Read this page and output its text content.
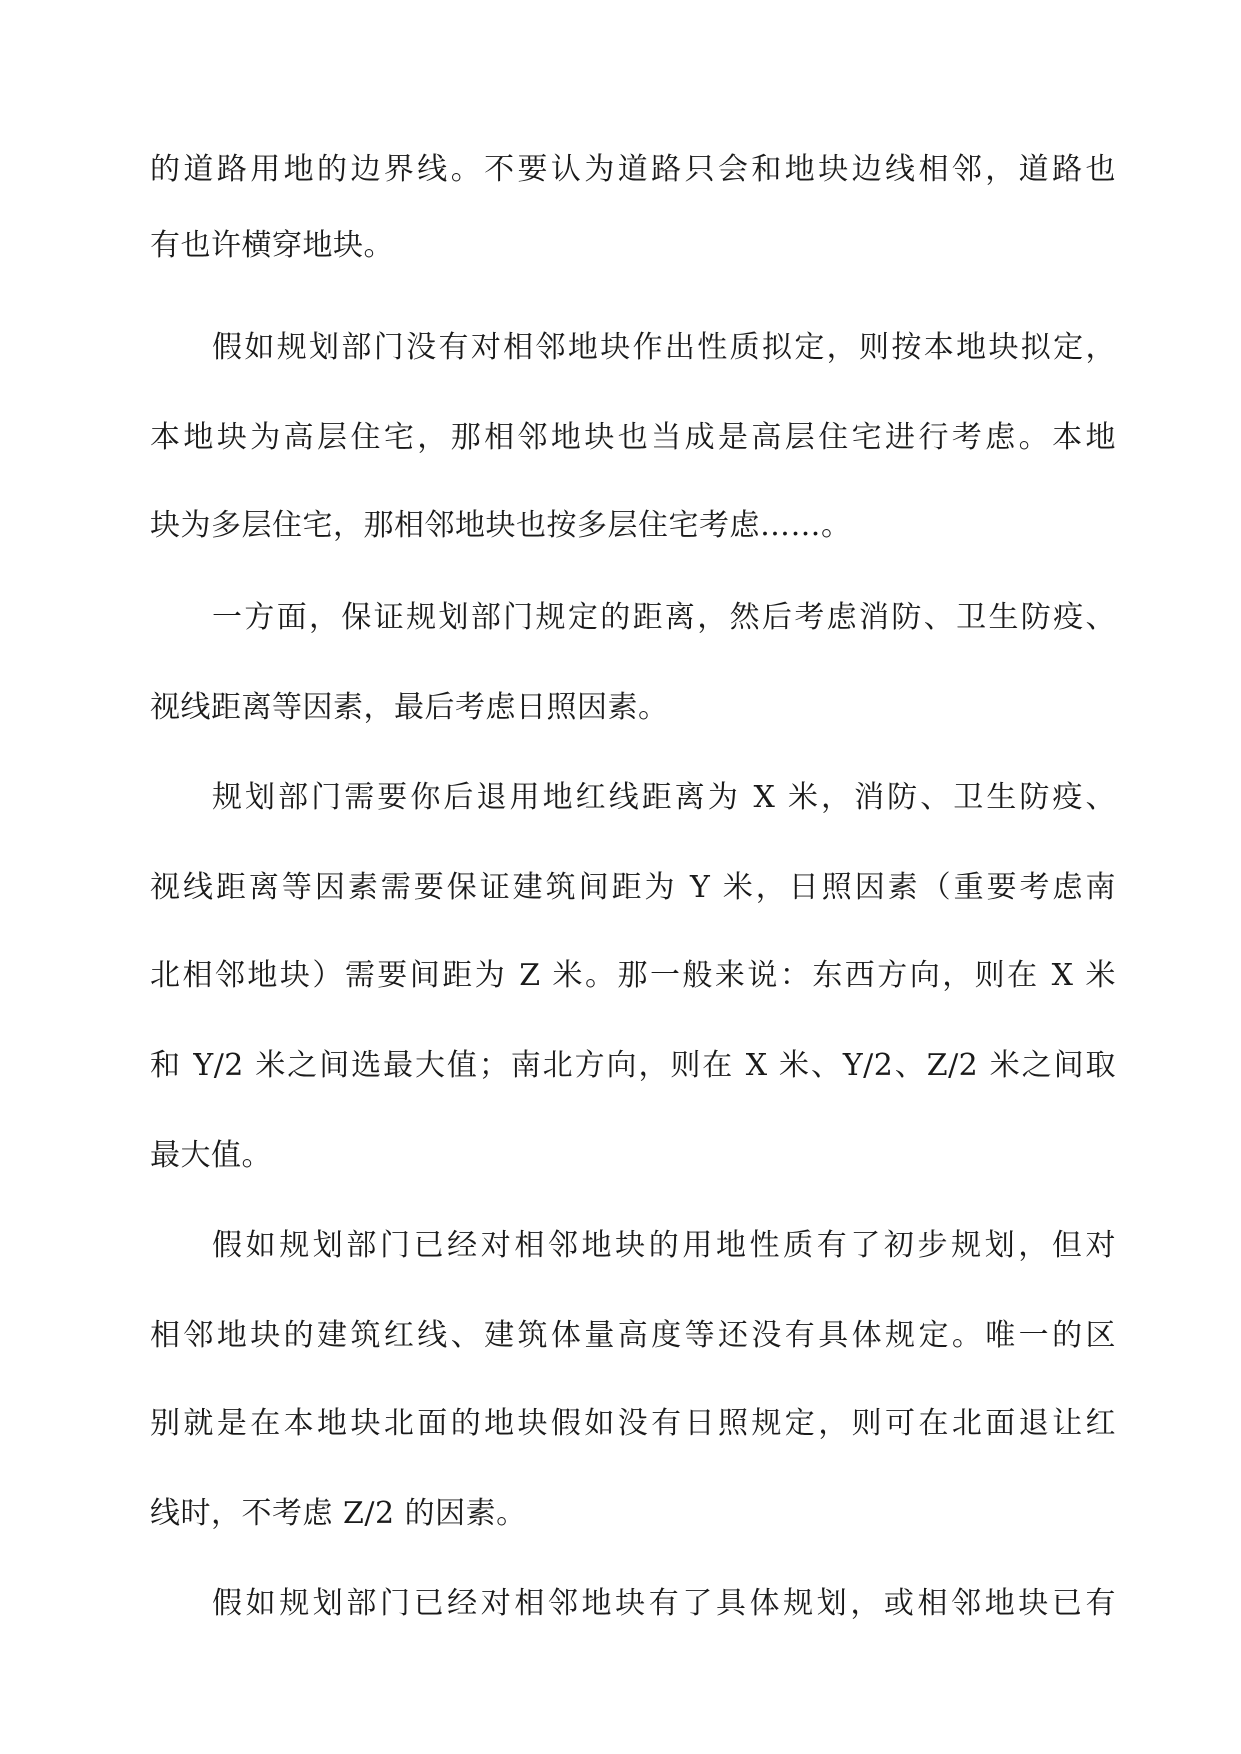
的道路用地的边界线。不要认为道路只会和地块边线相邻，道路也
有也许横穿地块。
假如规划部门没有对相邻地块作出性质拟定，则按本地块拟定，
本地块为高层住宅，那相邻地块也当成是高层住宅进行考虑。本地
块为多层住宅，那相邻地块也按多层住宅考虑……。
一方面，保证规划部门规定的距离，然后考虑消防、卫生防疫、
视线距离等因素，最后考虑日照因素。
规划部门需要你后退用地红线距离为 X 米，消防、卫生防疫、
视线距离等因素需要保证建筑间距为 Y 米，日照因素（重要考虑南
北相邻地块）需要间距为 Z 米。那一般来说：东西方向，则在 X 米
和 Y/2 米之间选最大值；南北方向，则在 X 米、Y/2、Z/2 米之间取
最大值。
假如规划部门已经对相邻地块的用地性质有了初步规划，但对
相邻地块的建筑红线、建筑体量高度等还没有具体规定。唯一的区
别就是在本地块北面的地块假如没有日照规定，则可在北面退让红
线时，不考虑 Z/2 的因素。
假如规划部门已经对相邻地块有了具体规划，或相邻地块已有
